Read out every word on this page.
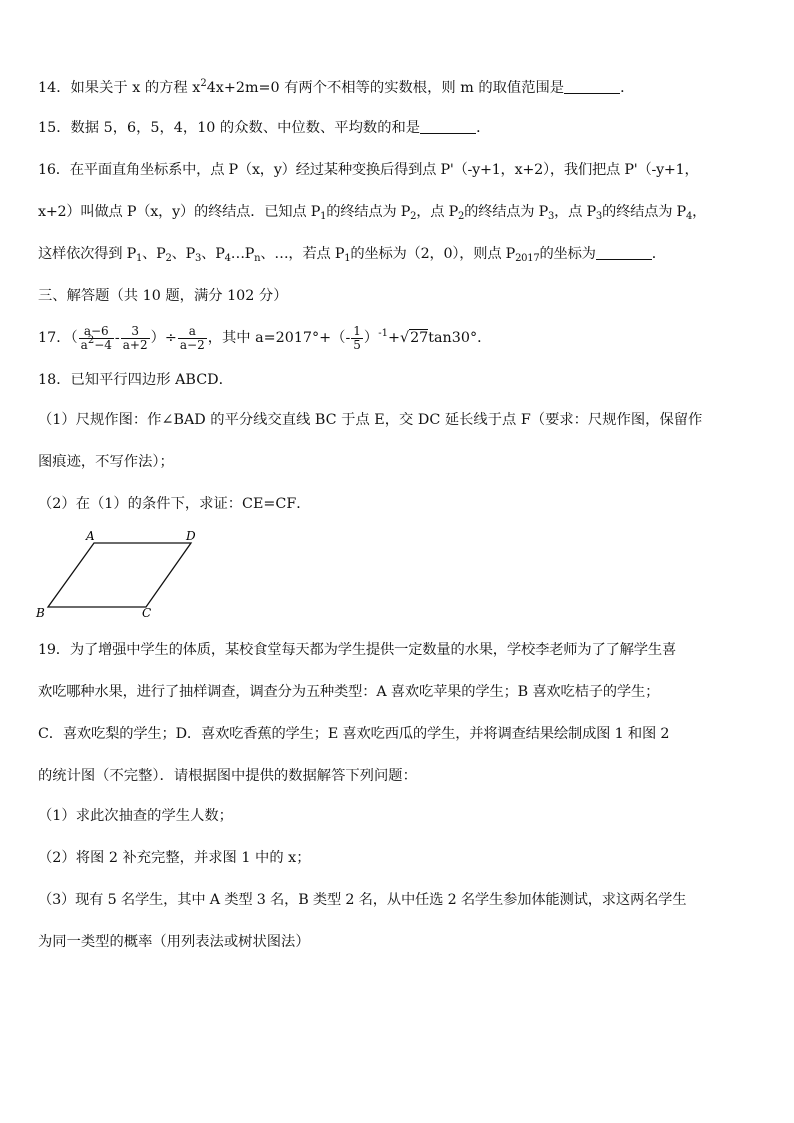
14．如果关于 x 的方程 $x^24x+2m=0$ 有两个不相等的实数根，则 m 的取值范围是	．
15．数据 5，6，5，4，10 的众数、中位数、平均数的和是	．
16．在平面直角坐标系中，点 P（x，y）经过某种变换后得到点 P'（-y+1，x+2），我们把点 P'（-y+1，
x+2）叫做点 P（x，y）的终结点．已知点 $P_1$的终结点为 $P_2$，点 $P_2$的终结点为 $P_3$，点 $P_3$的终结点为 $P_4$，
这样依次得到 $P_1$、$P_2$、$P_3$、$P_4\dots P_n$、…，若点 $P_1$的坐标为（2，0），则点 $P_{2017}$的坐标为	．
三、解答题（共 10 题，满分 102 分）
17．（ $\frac{a-6}{a^2-4} - \frac{3}{a+2}$ ）÷ $\frac{a}{a-2}$ ，其中 $a=2017^\circ+(- \frac{1}{5} )^{-1}+√27\tan 30^\circ$．
18．已知平行四边形 ABCD．
（1）尺规作图：作∠BAD 的平分线交直线 BC 于点 E，交 DC 延长线于点 F（要求：尺规作图，保留作
图痕迹，不写作法）；
（2）在（1）的条件下，求证：CE=CF．
A	D
B	C
19．为了增强中学生的体质，某校食堂每天都为学生提供一定数量的水果，学校李老师为了了解学生喜
欢吃哪种水果，进行了抽样调查，调查分为五种类型：A 喜欢吃苹果的学生；B 喜欢吃桔子的学生；
C．喜欢吃梨的学生；D．喜欢吃香蕉的学生；E 喜欢吃西瓜的学生，并将调查结果绘制成图 1 和图 2
的统计图（不完整）．请根据图中提供的数据解答下列问题：
（1）求此次抽查的学生人数；
（2）将图 2 补充完整，并求图 1 中的 x；
（3）现有 5 名学生，其中 A 类型 3 名，B 类型 2 名，从中任选 2 名学生参加体能测试，求这两名学生
为同一类型的概率（用列表法或树状图法）
